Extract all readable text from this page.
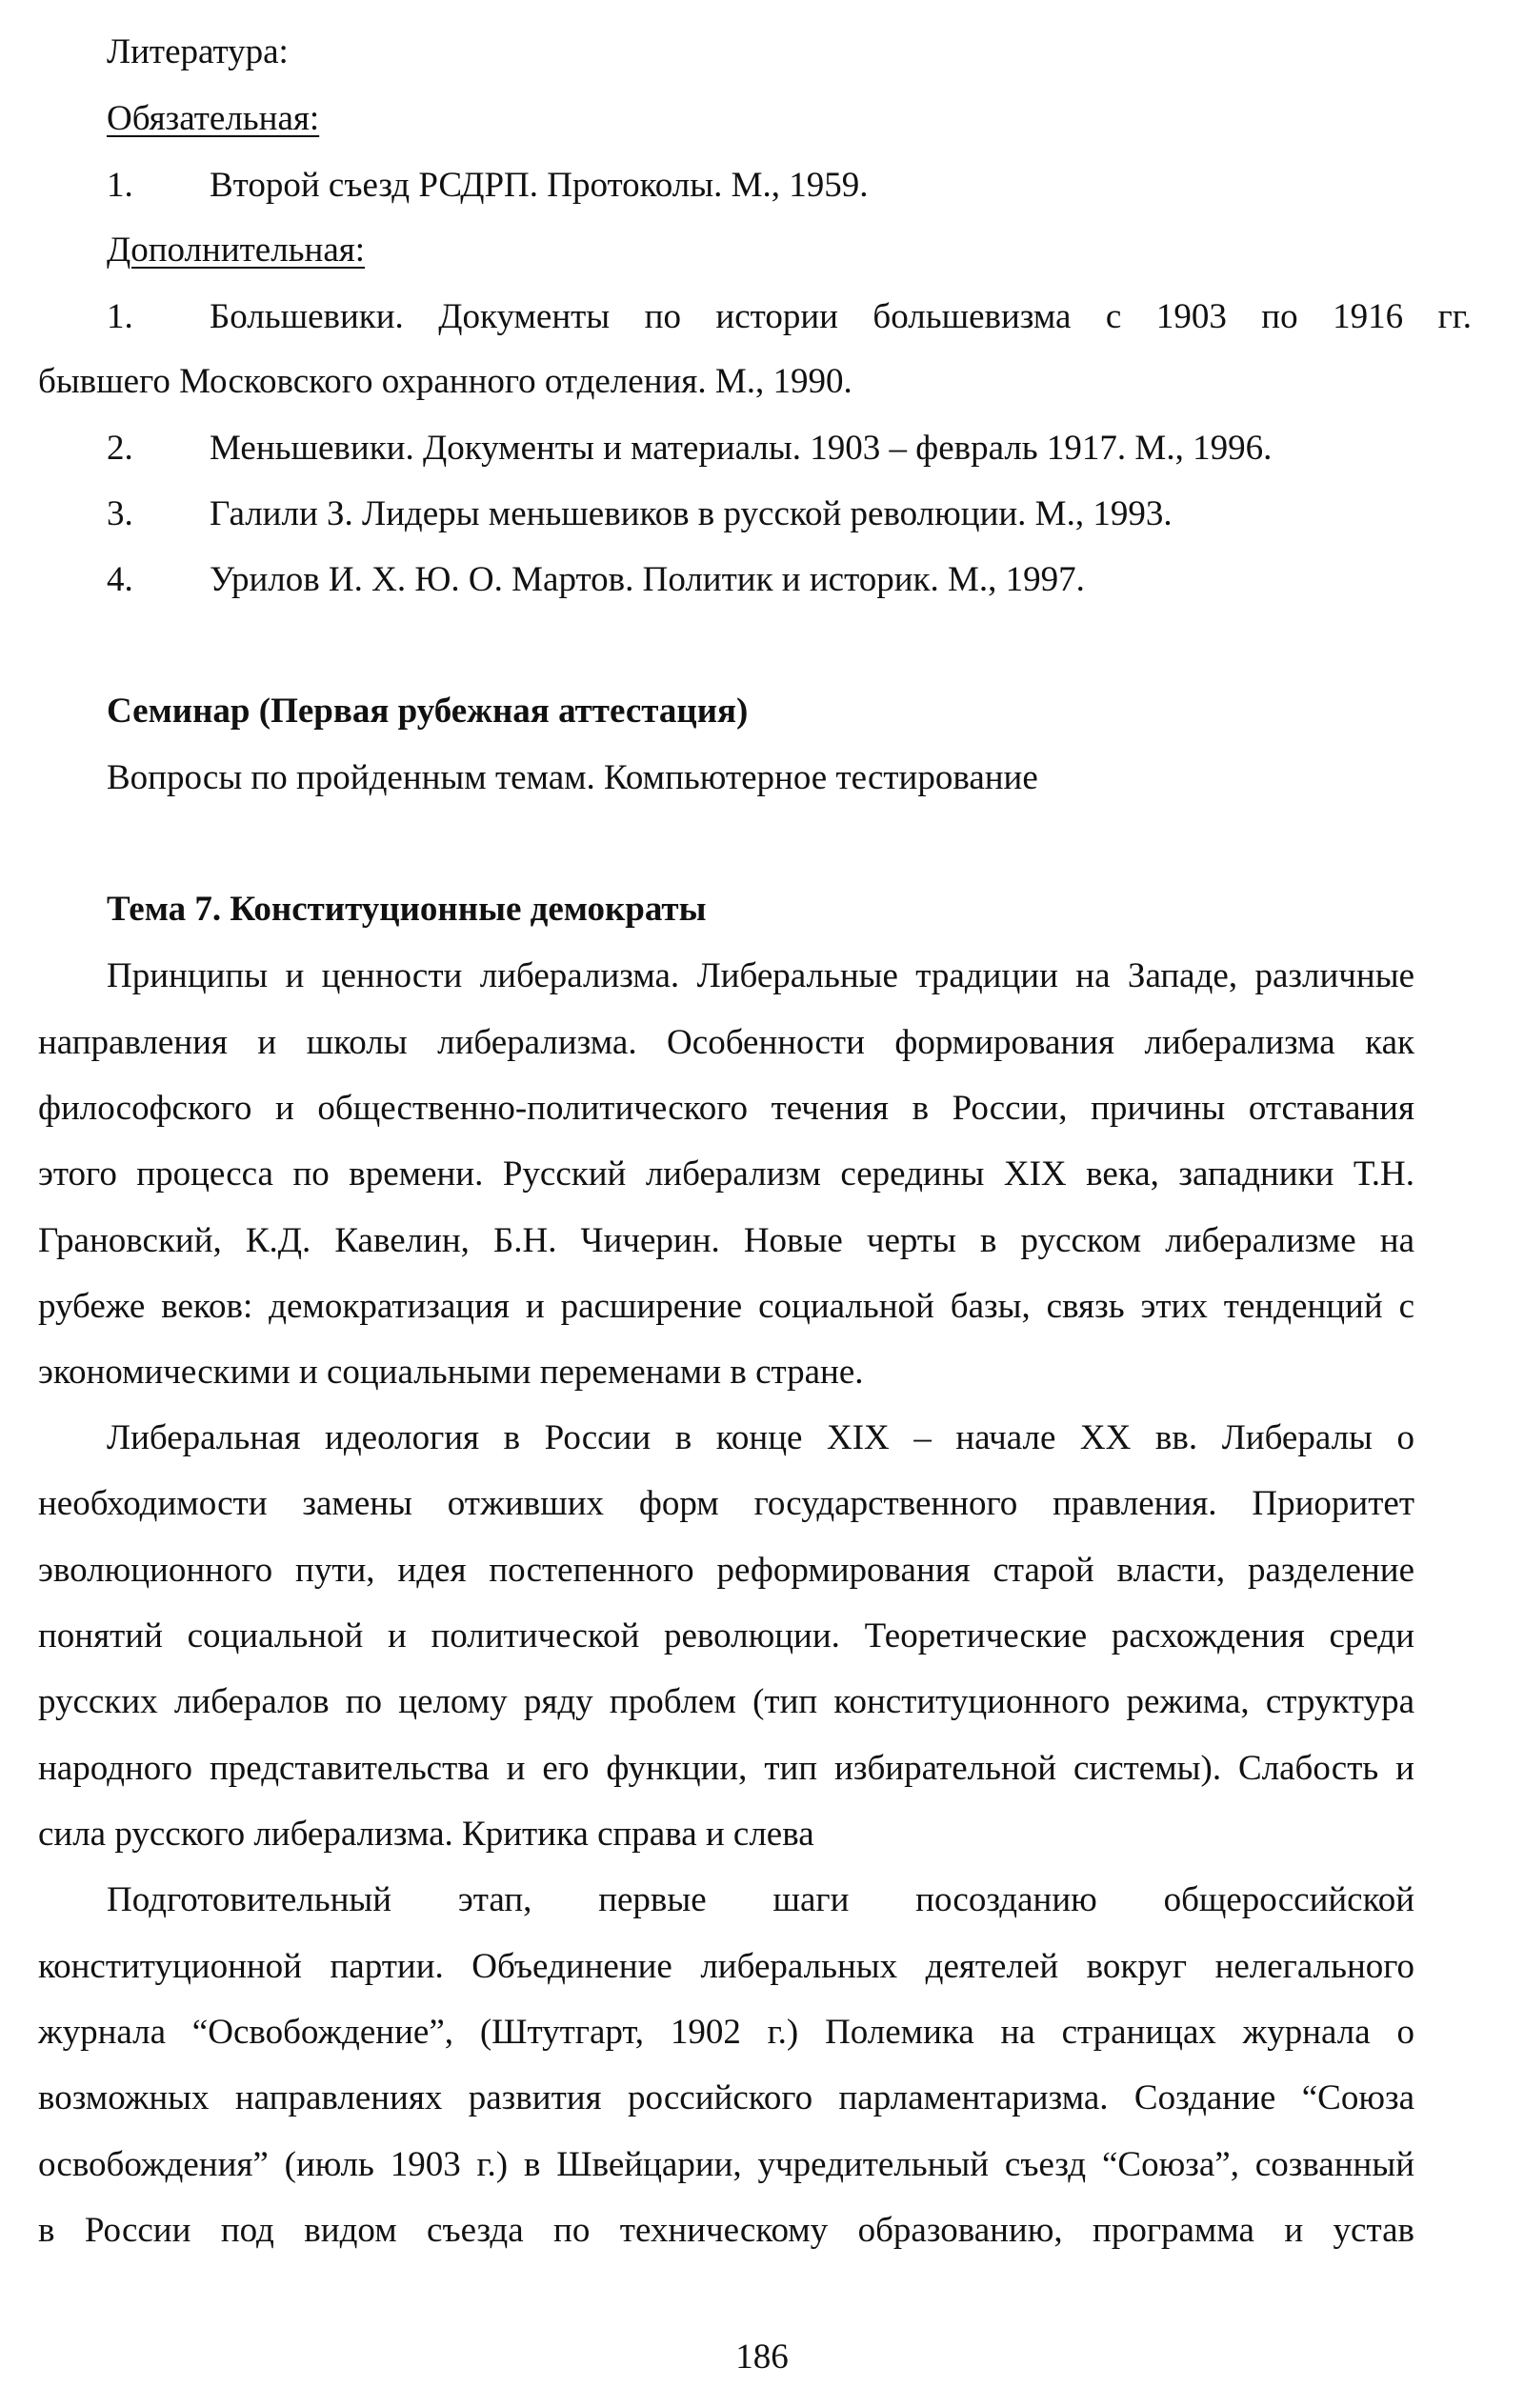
Литература:
Обязательная:
1. Второй съезд РСДРП. Протоколы. М., 1959.
Дополнительная:
1. Большевики. Документы по истории большевизма с 1903 по 1916 гг.
бывшего Московского охранного отделения. М., 1990.
2. Меньшевики. Документы и материалы. 1903 – февраль 1917. М., 1996.
3. Галили З. Лидеры меньшевиков в русской революции. М., 1993.
4. Урилов И. Х. Ю. О. Мартов. Политик и историк. М., 1997.
Семинар (Первая рубежная аттестация)
Вопросы по пройденным темам. Компьютерное тестирование
Тема 7. Конституционные демократы
Принципы и ценности либерализма. Либеральные традиции на Западе, различные
направления и школы либерализма. Особенности формирования либерализма как
философского и общественно-политического течения в России, причины отставания
этого процесса по времени. Русский либерализм середины XIX века, западники Т.Н.
Грановский, К.Д. Кавелин, Б.Н. Чичерин. Новые черты в русском либерализме на
рубеже веков: демократизация и расширение социальной базы, связь этих тенденций с
экономическими и социальными переменами в стране.
Либеральная идеология в России в конце XIX – начале XX вв. Либералы о
необходимости замены отживших форм государственного правления. Приоритет
эволюционного пути, идея постепенного реформирования старой власти, разделение
понятий социальной и политической революции. Теоретические расхождения среди
русских либералов по целому ряду проблем (тип конституционного режима, структура
народного представительства и его функции, тип избирательной системы). Слабость и
сила русского либерализма. Критика справа и слева
Подготовительный этап, первые шаги посозданию общероссийской
конституционной партии. Объединение либеральных деятелей вокруг нелегального
журнала “Освобождение”, (Штутгарт, 1902 г.) Полемика на страницах журнала о
возможных направлениях развития российского парламентаризма. Создание “Союза
освобождения” (июль 1903 г.) в Швейцарии, учредительный съезд “Союза”, созванный
в России под видом съезда по техническому образованию, программа и устав
186
